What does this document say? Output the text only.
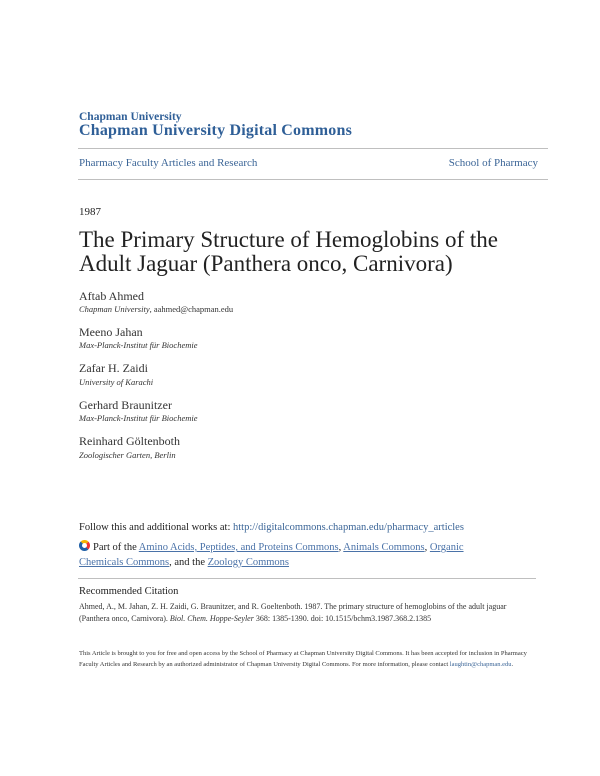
Chapman University
Chapman University Digital Commons
Pharmacy Faculty Articles and Research	School of Pharmacy
1987
The Primary Structure of Hemoglobins of the Adult Jaguar (Panthera onco, Carnivora)
Aftab Ahmed
Chapman University, aahmed@chapman.edu
Meeno Jahan
Max-Planck-Institut für Biochemie
Zafar H. Zaidi
University of Karachi
Gerhard Braunitzer
Max-Planck-Institut für Biochemie
Reinhard Göltenboth
Zoologischer Garten, Berlin
Follow this and additional works at: http://digitalcommons.chapman.edu/pharmacy_articles
Part of the Amino Acids, Peptides, and Proteins Commons, Animals Commons, Organic Chemicals Commons, and the Zoology Commons
Recommended Citation
Ahmed, A., M. Jahan, Z. H. Zaidi, G. Braunitzer, and R. Goeltenboth. 1987. The primary structure of hemoglobins of the adult jaguar (Panthera onco, Carnivora). Biol. Chem. Hoppe-Seyler 368: 1385-1390. doi: 10.1515/bchm3.1987.368.2.1385
This Article is brought to you for free and open access by the School of Pharmacy at Chapman University Digital Commons. It has been accepted for inclusion in Pharmacy Faculty Articles and Research by an authorized administrator of Chapman University Digital Commons. For more information, please contact laughtin@chapman.edu.
